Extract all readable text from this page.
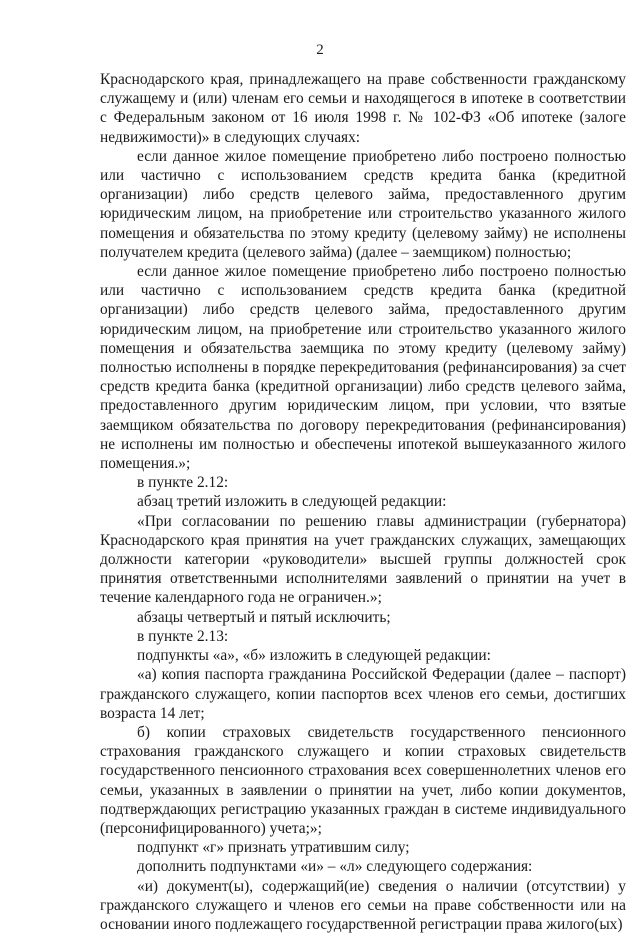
2

Краснодарского края, принадлежащего на праве собственности гражданскому служащему и (или) членам его семьи и находящегося в ипотеке в соответствии с Федеральным законом от 16 июля 1998 г. № 102-ФЗ «Об ипотеке (залоге недвижимости)» в следующих случаях:

если данное жилое помещение приобретено либо построено полностью или частично с использованием средств кредита банка (кредитной организации) либо средств целевого займа, предоставленного другим юридическим лицом, на приобретение или строительство указанного жилого помещения и обязательства по этому кредиту (целевому займу) не исполнены получателем кредита (целевого займа) (далее – заемщиком) полностью;

если данное жилое помещение приобретено либо построено полностью или частично с использованием средств кредита банка (кредитной организации) либо средств целевого займа, предоставленного другим юридическим лицом, на приобретение или строительство указанного жилого помещения и обязательства заемщика по этому кредиту (целевому займу) полностью исполнены в порядке перекредитования (рефинансирования) за счет средств кредита банка (кредитной организации) либо средств целевого займа, предоставленного другим юридическим лицом, при условии, что взятые заемщиком обязательства по договору перекредитования (рефинансирования) не исполнены им полностью и обеспечены ипотекой вышеуказанного жилого помещения.»;

в пункте 2.12:

абзац третий изложить в следующей редакции:

«При согласовании по решению главы администрации (губернатора) Краснодарского края принятия на учет гражданских служащих, замещающих должности категории «руководители» высшей группы должностей срок принятия ответственными исполнителями заявлений о принятии на учет в течение календарного года не ограничен.»;

абзацы четвертый и пятый исключить;

в пункте 2.13:

подпункты «а», «б» изложить в следующей редакции:

«а) копия паспорта гражданина Российской Федерации (далее – паспорт) гражданского служащего, копии паспортов всех членов его семьи, достигших возраста 14 лет;

б) копии страховых свидетельств государственного пенсионного страхования гражданского служащего и копии страховых свидетельств государственного пенсионного страхования всех совершеннолетних членов его семьи, указанных в заявлении о принятии на учет, либо копии документов, подтверждающих регистрацию указанных граждан в системе индивидуального (персонифицированного) учета;»;

подпункт «г» признать утратившим силу;

дополнить подпунктами «и» – «л» следующего содержания:

«и) документ(ы), содержащий(ие) сведения о наличии (отсутствии) у гражданского служащего и членов его семьи на праве собственности или на основании иного подлежащего государственной регистрации права жилого(ых)
